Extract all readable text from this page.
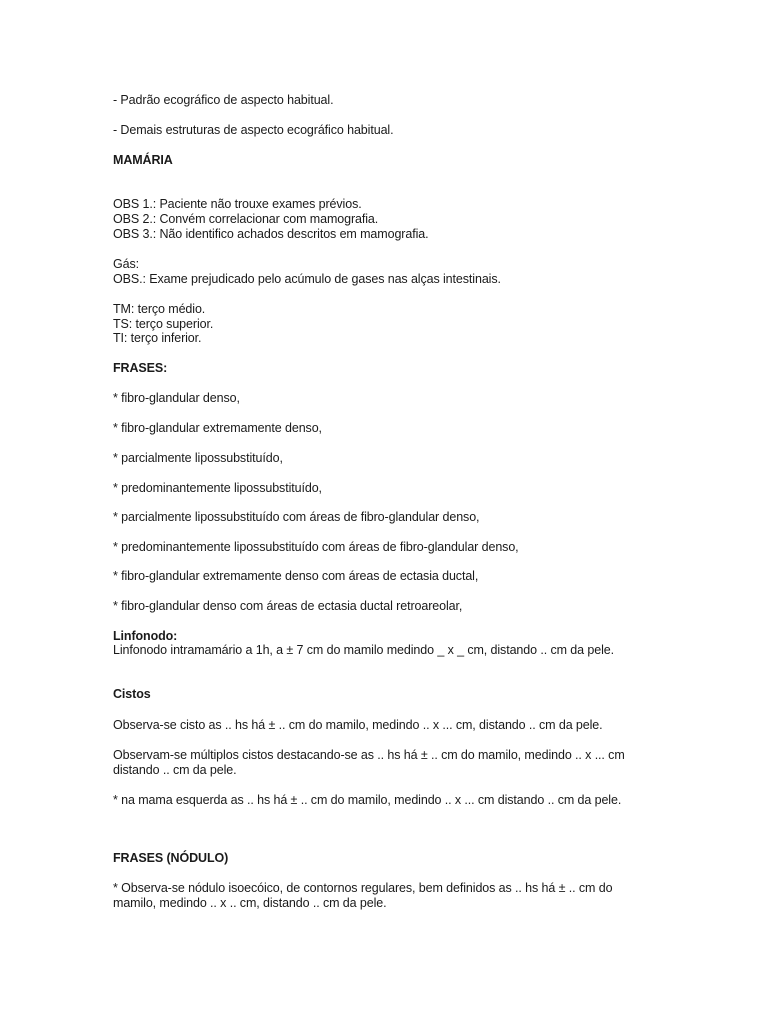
- Padrão ecográfico de aspecto habitual.
- Demais estruturas de aspecto ecográfico habitual.
MAMÁRIA
OBS 1.: Paciente não trouxe exames prévios.
OBS 2.: Convém correlacionar com mamografia.
OBS 3.: Não identifico achados descritos em mamografia.
Gás:
OBS.: Exame prejudicado pelo acúmulo de gases nas alças intestinais.
TM: terço médio.
TS: terço superior.
TI: terço inferior.
FRASES:
* fibro-glandular denso,
* fibro-glandular extremamente denso,
* parcialmente lipossubstituído,
* predominantemente lipossubstituído,
* parcialmente lipossubstituído com áreas de fibro-glandular denso,
* predominantemente lipossubstituído com áreas de fibro-glandular denso,
* fibro-glandular extremamente denso com áreas de ectasia ductal,
* fibro-glandular denso com áreas de ectasia ductal retroareolar,
Linfonodo:
Linfonodo intramamário a 1h, a ± 7 cm do mamilo medindo _ x _ cm, distando .. cm da pele.
Cistos
Observa-se cisto as .. hs há ± .. cm do mamilo, medindo .. x ... cm, distando .. cm da pele.
Observam-se múltiplos cistos destacando-se as .. hs há ± .. cm do mamilo, medindo .. x ... cm
distando .. cm da pele.
* na mama esquerda as .. hs há ± .. cm do mamilo, medindo .. x ... cm distando .. cm da pele.
FRASES (NÓDULO)
* Observa-se nódulo isoecóico, de contornos regulares, bem definidos as .. hs há ± .. cm do
mamilo, medindo .. x .. cm, distando .. cm da pele.
